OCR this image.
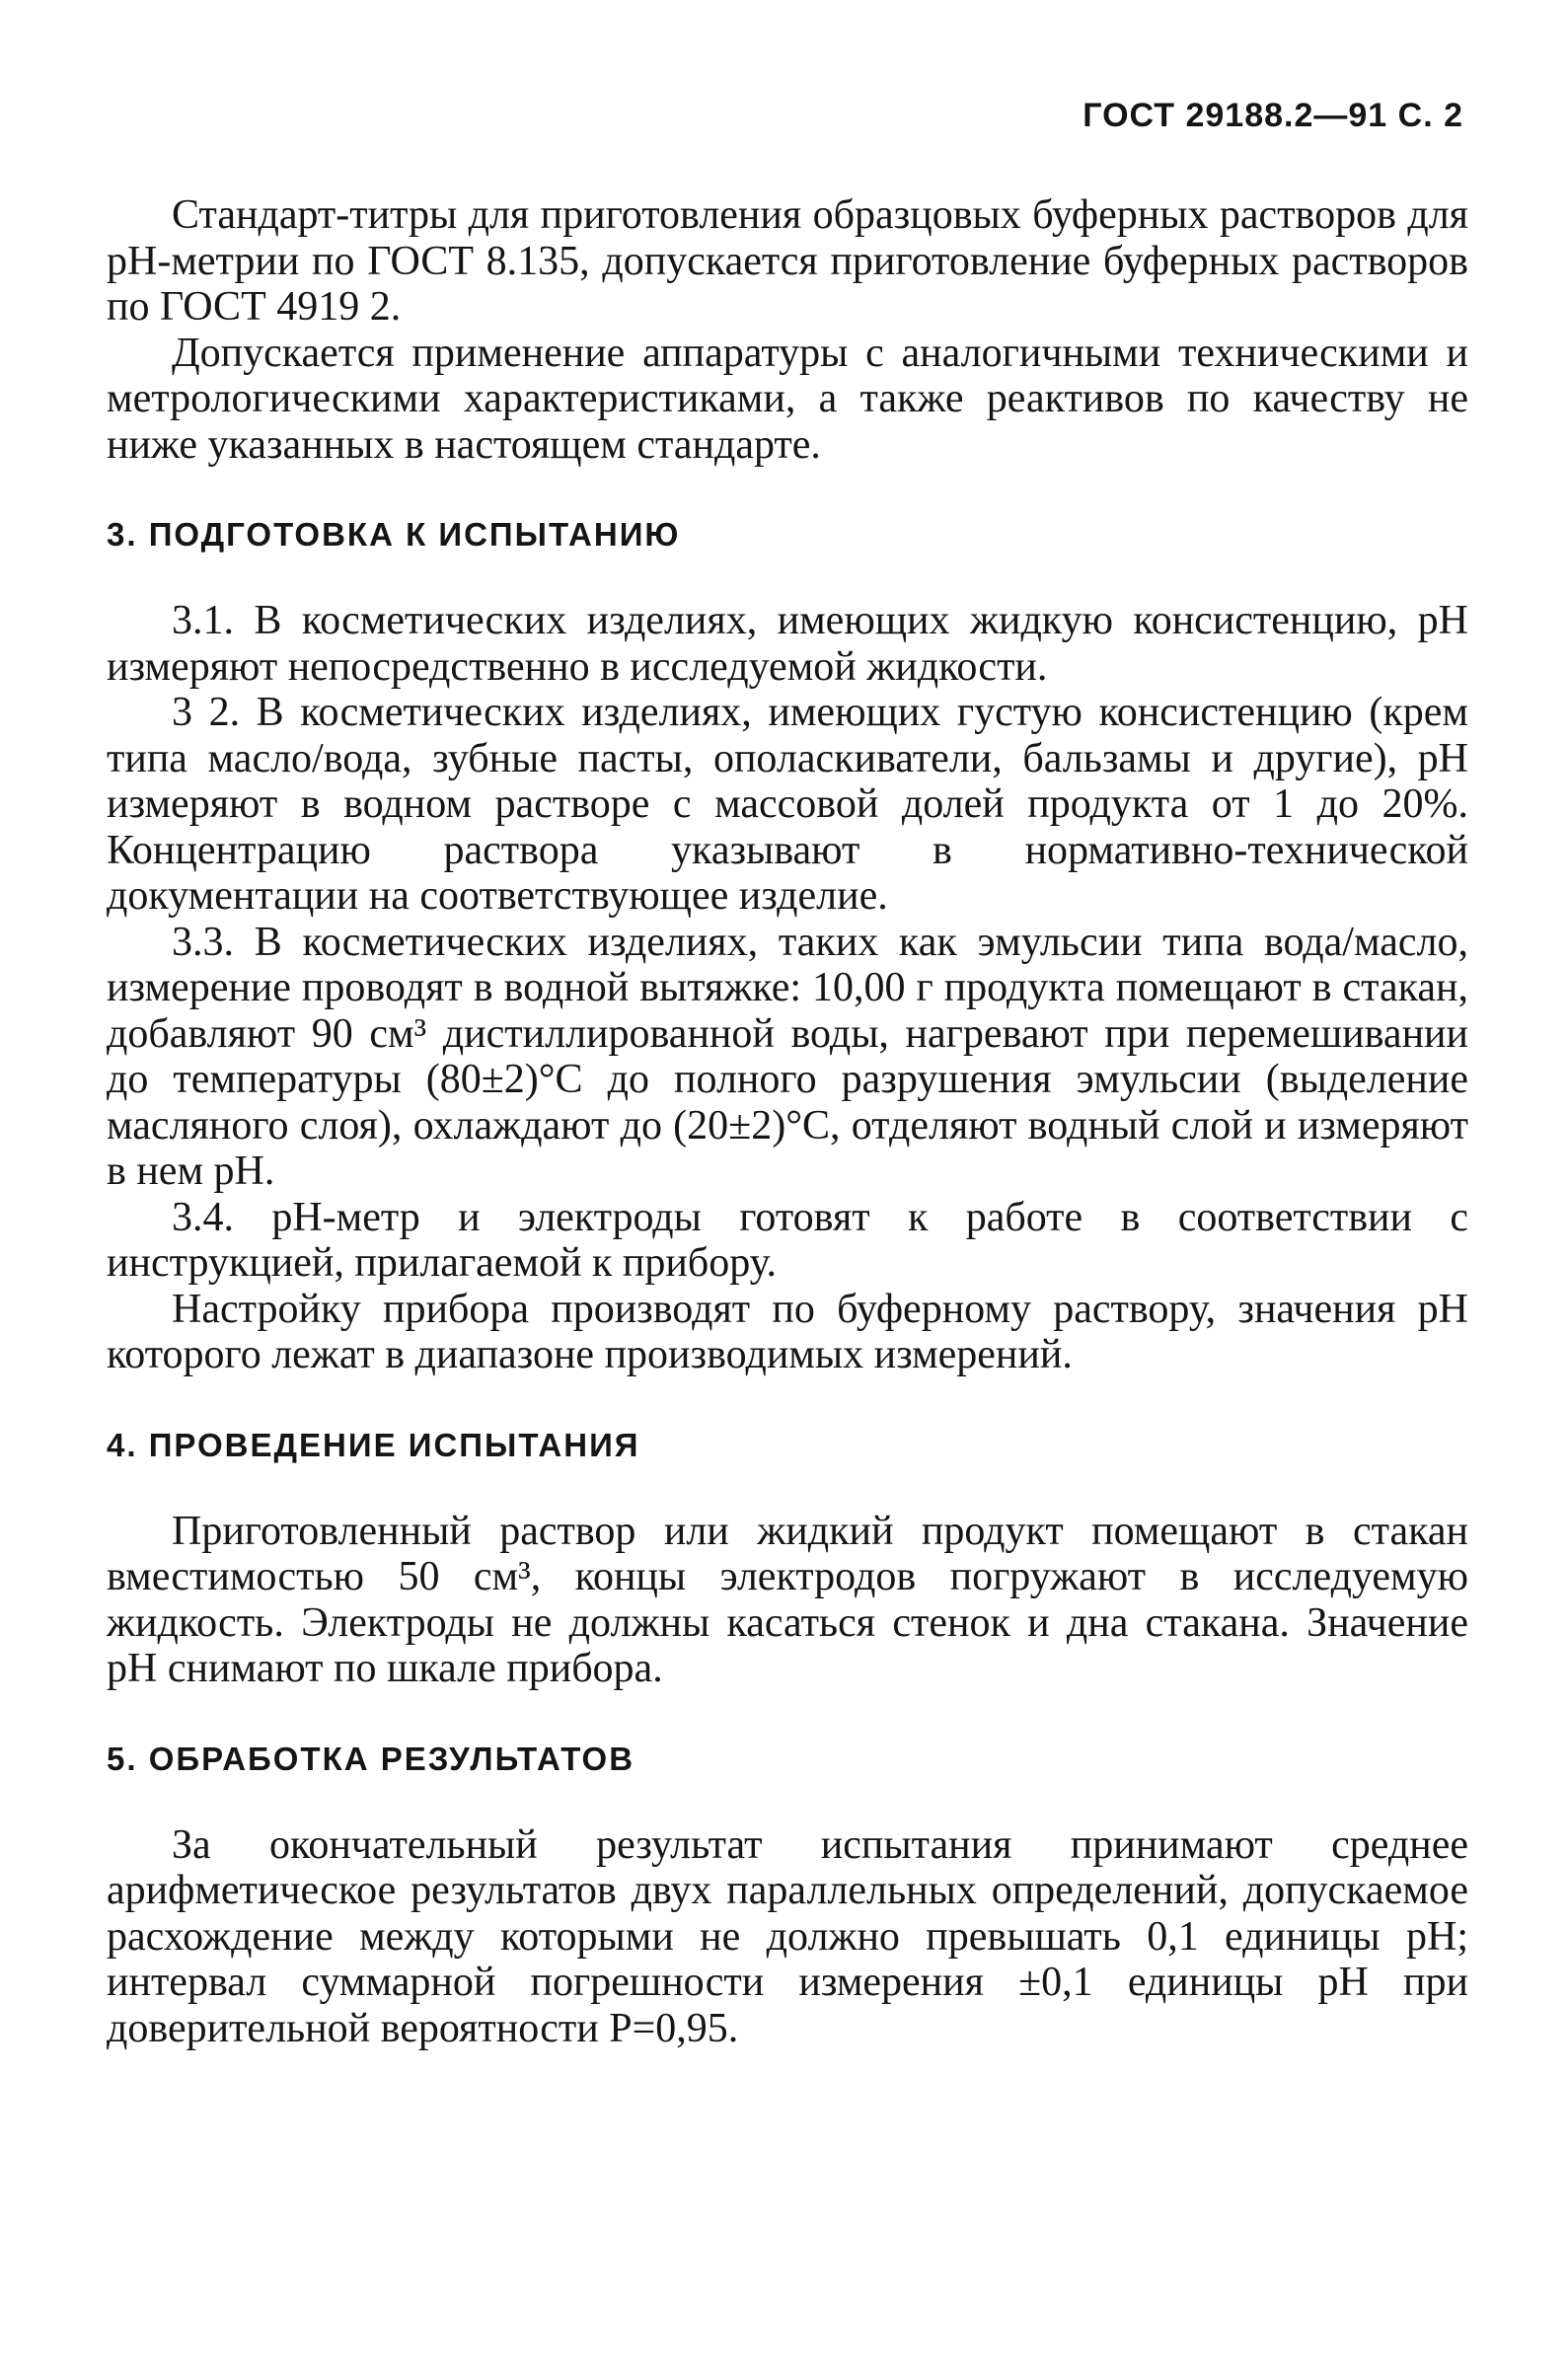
ГОСТ 29188.2—91 С. 2

Стандарт-титры для приготовления образцовых буферных растворов для pH-метрии по ГОСТ 8.135, допускается приготовление буферных растворов по ГОСТ 4919 2.

Допускается применение аппаратуры с аналогичными техническими и метрологическими характеристиками, а также реактивов по качеству не ниже указанных в настоящем стандарте.

3. ПОДГОТОВКА К ИСПЫТАНИЮ

3.1. В косметических изделиях, имеющих жидкую консистенцию, pH измеряют непосредственно в исследуемой жидкости.

3 2. В косметических изделиях, имеющих густую консистенцию (крем типа масло/вода, зубные пасты, ополаскиватели, бальзамы и другие), pH измеряют в водном растворе с массовой долей продукта от 1 до 20%. Концентрацию раствора указывают в нормативно-технической документации на соответствующее изделие.

3.3. В косметических изделиях, таких как эмульсии типа вода/масло, измерение проводят в водной вытяжке: 10,00 г продукта помещают в стакан, добавляют 90 см³ дистиллированной воды, нагревают при перемешивании до температуры (80±2)°С до полного разрушения эмульсии (выделение масляного слоя), охлаждают до (20±2)°С, отделяют водный слой и измеряют в нем pH.

3.4. pH-метр и электроды готовят к работе в соответствии с инструкцией, прилагаемой к прибору.

Настройку прибора производят по буферному раствору, значения pH которого лежат в диапазоне производимых измерений.

4. ПРОВЕДЕНИЕ ИСПЫТАНИЯ

Приготовленный раствор или жидкий продукт помещают в стакан вместимостью 50 см³, концы электродов погружают в исследуемую жидкость. Электроды не должны касаться стенок и дна стакана. Значение pH снимают по шкале прибора.

5. ОБРАБОТКА РЕЗУЛЬТАТОВ

За окончательный результат испытания принимают среднее арифметическое результатов двух параллельных определений, допускаемое расхождение между которыми не должно превышать 0,1 единицы pH; интервал суммарной погрешности измерения ±0,1 единицы pH при доверительной вероятности Р=0,95.
